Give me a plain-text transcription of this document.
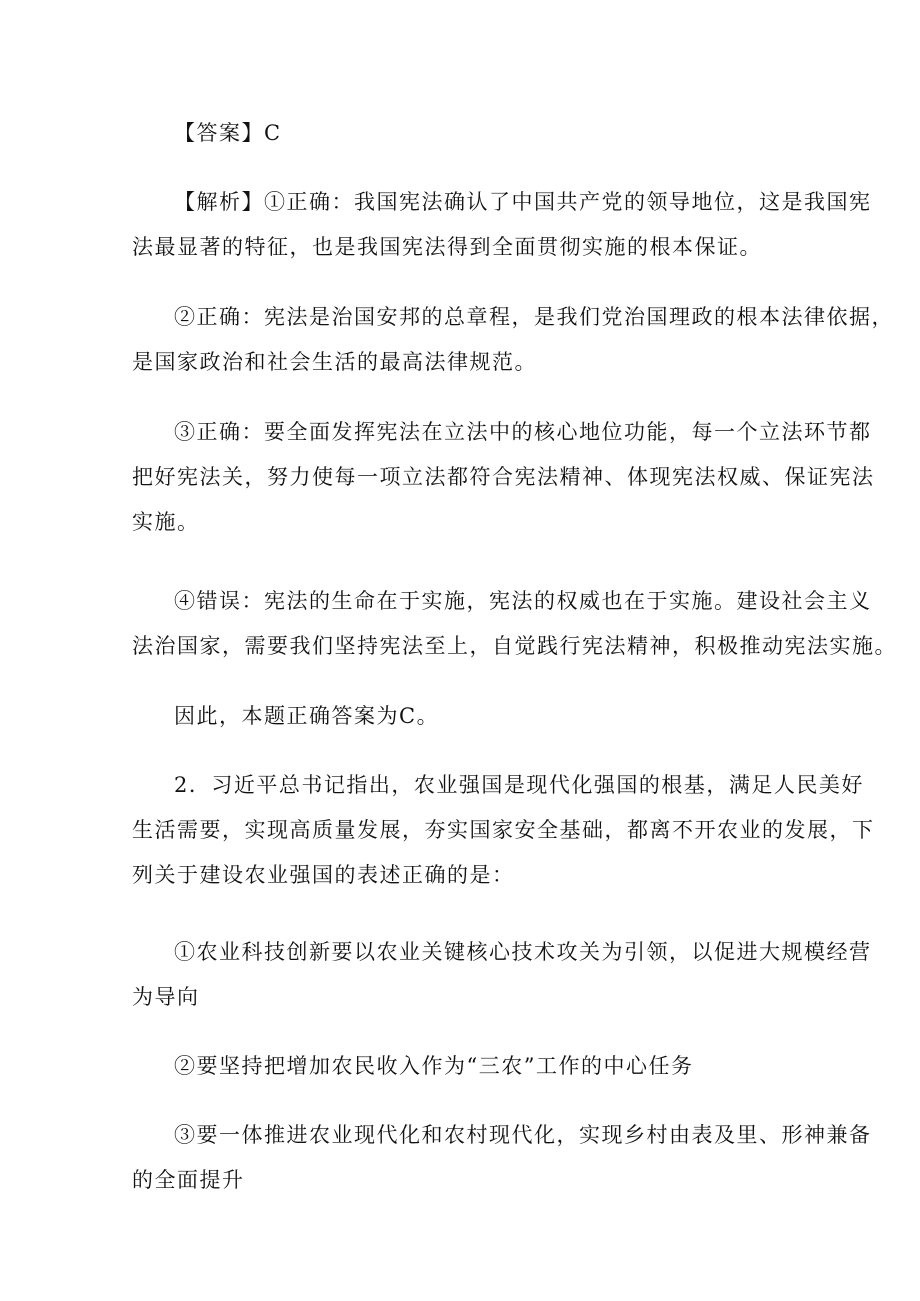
【答案】C

【解析】①正确：我国宪法确认了中国共产党的领导地位，这是我国宪
法最显著的特征，也是我国宪法得到全面贯彻实施的根本保证。

②正确：宪法是治国安邦的总章程，是我们党治国理政的根本法律依据，
是国家政治和社会生活的最高法律规范。

③正确：要全面发挥宪法在立法中的核心地位功能，每一个立法环节都
把好宪法关，努力使每一项立法都符合宪法精神、体现宪法权威、保证宪法
实施。

④错误：宪法的生命在于实施，宪法的权威也在于实施。建设社会主义
法治国家，需要我们坚持宪法至上，自觉践行宪法精神，积极推动宪法实施。

因此，本题正确答案为C。

2．习近平总书记指出，农业强国是现代化强国的根基，满足人民美好
生活需要，实现高质量发展，夯实国家安全基础，都离不开农业的发展，下
列关于建设农业强国的表述正确的是：

①农业科技创新要以农业关键核心技术攻关为引领，以促进大规模经营
为导向

②要坚持把增加农民收入作为“三农”工作的中心任务

③要一体推进农业现代化和农村现代化，实现乡村由表及里、形神兼备
的全面提升
